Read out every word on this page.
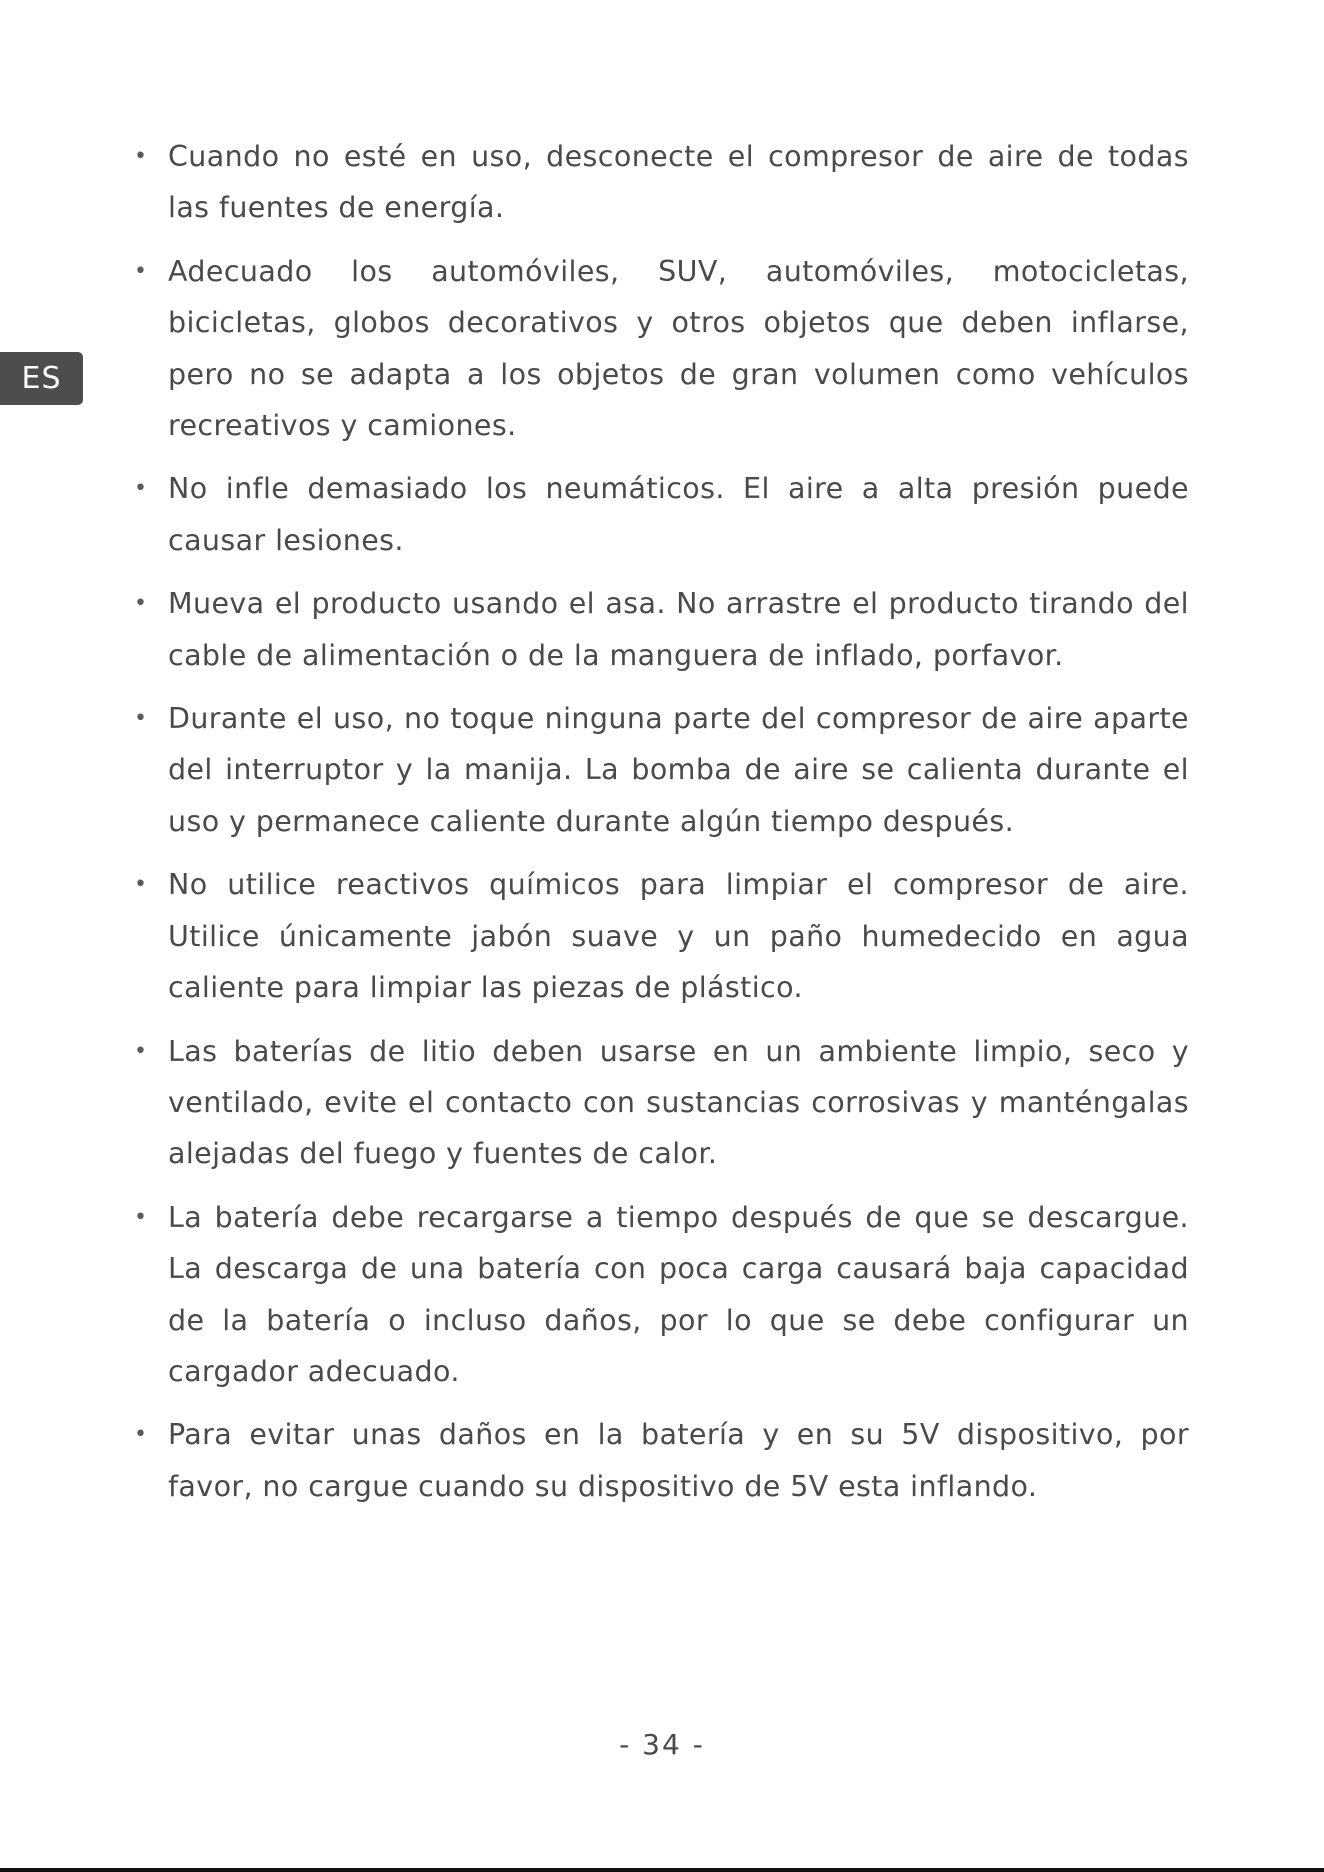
ES
• Cuando no esté en uso, desconecte el compresor de aire de todas las fuentes de energía.
• Adecuado los automóviles, SUV, automóviles, motocicletas, bicicletas, globos decorativos y otros objetos que deben inflarse, pero no se adapta a los objetos de gran volumen como vehículos recreativos y camiones.
• No infle demasiado los neumáticos. El aire a alta presión puede causar lesiones.
• Mueva el producto usando el asa. No arrastre el producto tirando del cable de alimentación o de la manguera de inflado, porfavor.
• Durante el uso, no toque ninguna parte del compresor de aire aparte del interruptor y la manija. La bomba de aire se calienta durante el uso y permanece caliente durante algún tiempo después.
• No utilice reactivos químicos para limpiar el compresor de aire. Utilice únicamente jabón suave y un paño humedecido en agua caliente para limpiar las piezas de plástico.
• Las baterías de litio deben usarse en un ambiente limpio, seco y ventilado, evite el contacto con sustancias corrosivas y manténgalas alejadas del fuego y fuentes de calor.
• La batería debe recargarse a tiempo después de que se descargue. La descarga de una batería con poca carga causará baja capacidad de la batería o incluso daños, por lo que se debe configurar un cargador adecuado.
• Para evitar unas daños en la batería y en su 5V dispositivo, por favor, no cargue cuando su dispositivo de 5V esta inflando.
- 34 -
